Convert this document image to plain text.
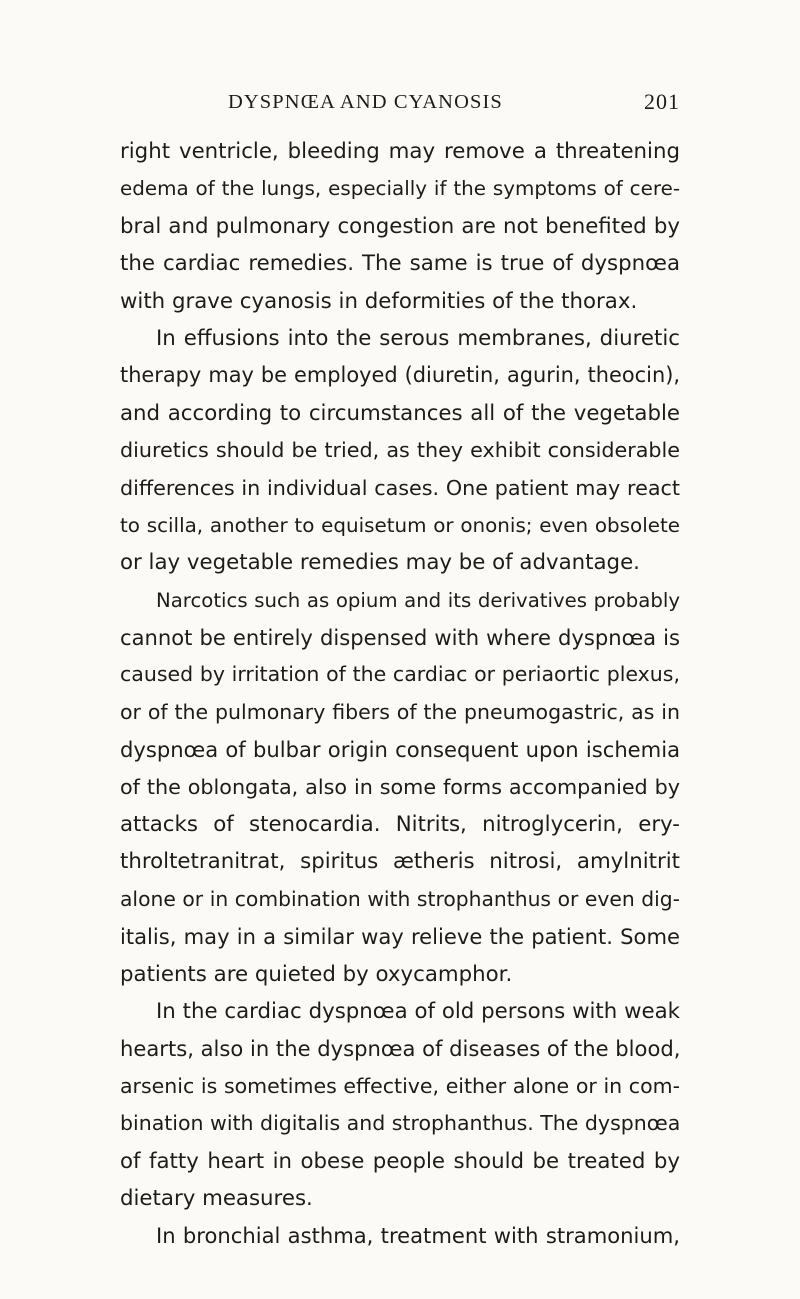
DYSPNŒA AND CYANOSIS	201
right ventricle, bleeding may remove a threatening
edema of the lungs, especially if the symptoms of cere-
bral and pulmonary congestion are not benefited by
the cardiac remedies. The same is true of dyspnœa
with grave cyanosis in deformities of the thorax.
In effusions into the serous membranes, diuretic
therapy may be employed (diuretin, agurin, theocin),
and according to circumstances all of the vegetable
diuretics should be tried, as they exhibit considerable
differences in individual cases. One patient may react
to scilla, another to equisetum or ononis; even obsolete
or lay vegetable remedies may be of advantage.
Narcotics such as opium and its derivatives probably
cannot be entirely dispensed with where dyspnœa is
caused by irritation of the cardiac or periaortic plexus,
or of the pulmonary fibers of the pneumogastric, as in
dyspnœa of bulbar origin consequent upon ischemia
of the oblongata, also in some forms accompanied by
attacks of stenocardia. Nitrits, nitroglycerin, ery-
throltetranitrat, spiritus ætheris nitrosi, amylnitrit
alone or in combination with strophanthus or even dig-
italis, may in a similar way relieve the patient. Some
patients are quieted by oxycamphor.
In the cardiac dyspnœa of old persons with weak
hearts, also in the dyspnœa of diseases of the blood,
arsenic is sometimes effective, either alone or in com-
bination with digitalis and strophanthus. The dyspnœa
of fatty heart in obese people should be treated by
dietary measures.
In bronchial asthma, treatment with stramonium,
